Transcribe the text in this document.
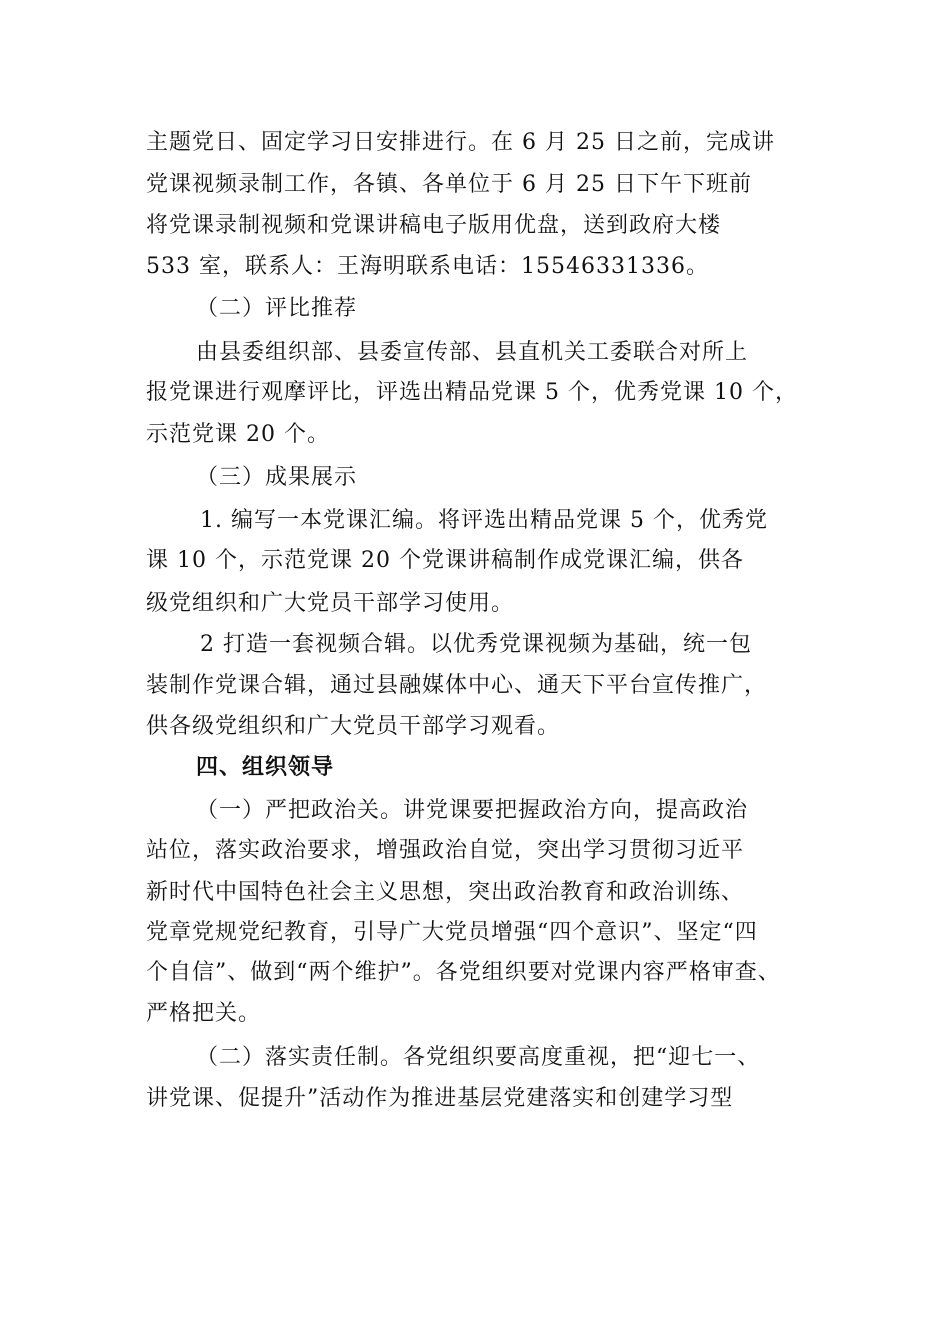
主题党日、固定学习日安排进行。在 6 月 25 日之前，完成讲
党课视频录制工作，各镇、各单位于 6 月 25 日下午下班前
将党课录制视频和党课讲稿电子版用优盘，送到政府大楼
533 室，联系人：王海明联系电话：15546331336。
（二）评比推荐
由县委组织部、县委宣传部、县直机关工委联合对所上
报党课进行观摩评比，评选出精品党课 5 个，优秀党课 10 个，
示范党课 20 个。
（三）成果展示
1. 编写一本党课汇编。将评选出精品党课 5 个，优秀党
课 10 个，示范党课 20 个党课讲稿制作成党课汇编，供各
级党组织和广大党员干部学习使用。
2 打造一套视频合辑。以优秀党课视频为基础，统一包
装制作党课合辑，通过县融媒体中心、通天下平台宣传推广，
供各级党组织和广大党员干部学习观看。
四、组织领导
（一）严把政治关。讲党课要把握政治方向，提高政治
站位，落实政治要求，增强政治自觉，突出学习贯彻习近平
新时代中国特色社会主义思想，突出政治教育和政治训练、
党章党规党纪教育，引导广大党员增强“四个意识”、坚定“四
个自信”、做到“两个维护”。各党组织要对党课内容严格审查、
严格把关。
（二）落实责任制。各党组织要高度重视，把“迎七一、
讲党课、促提升”活动作为推进基层党建落实和创建学习型
